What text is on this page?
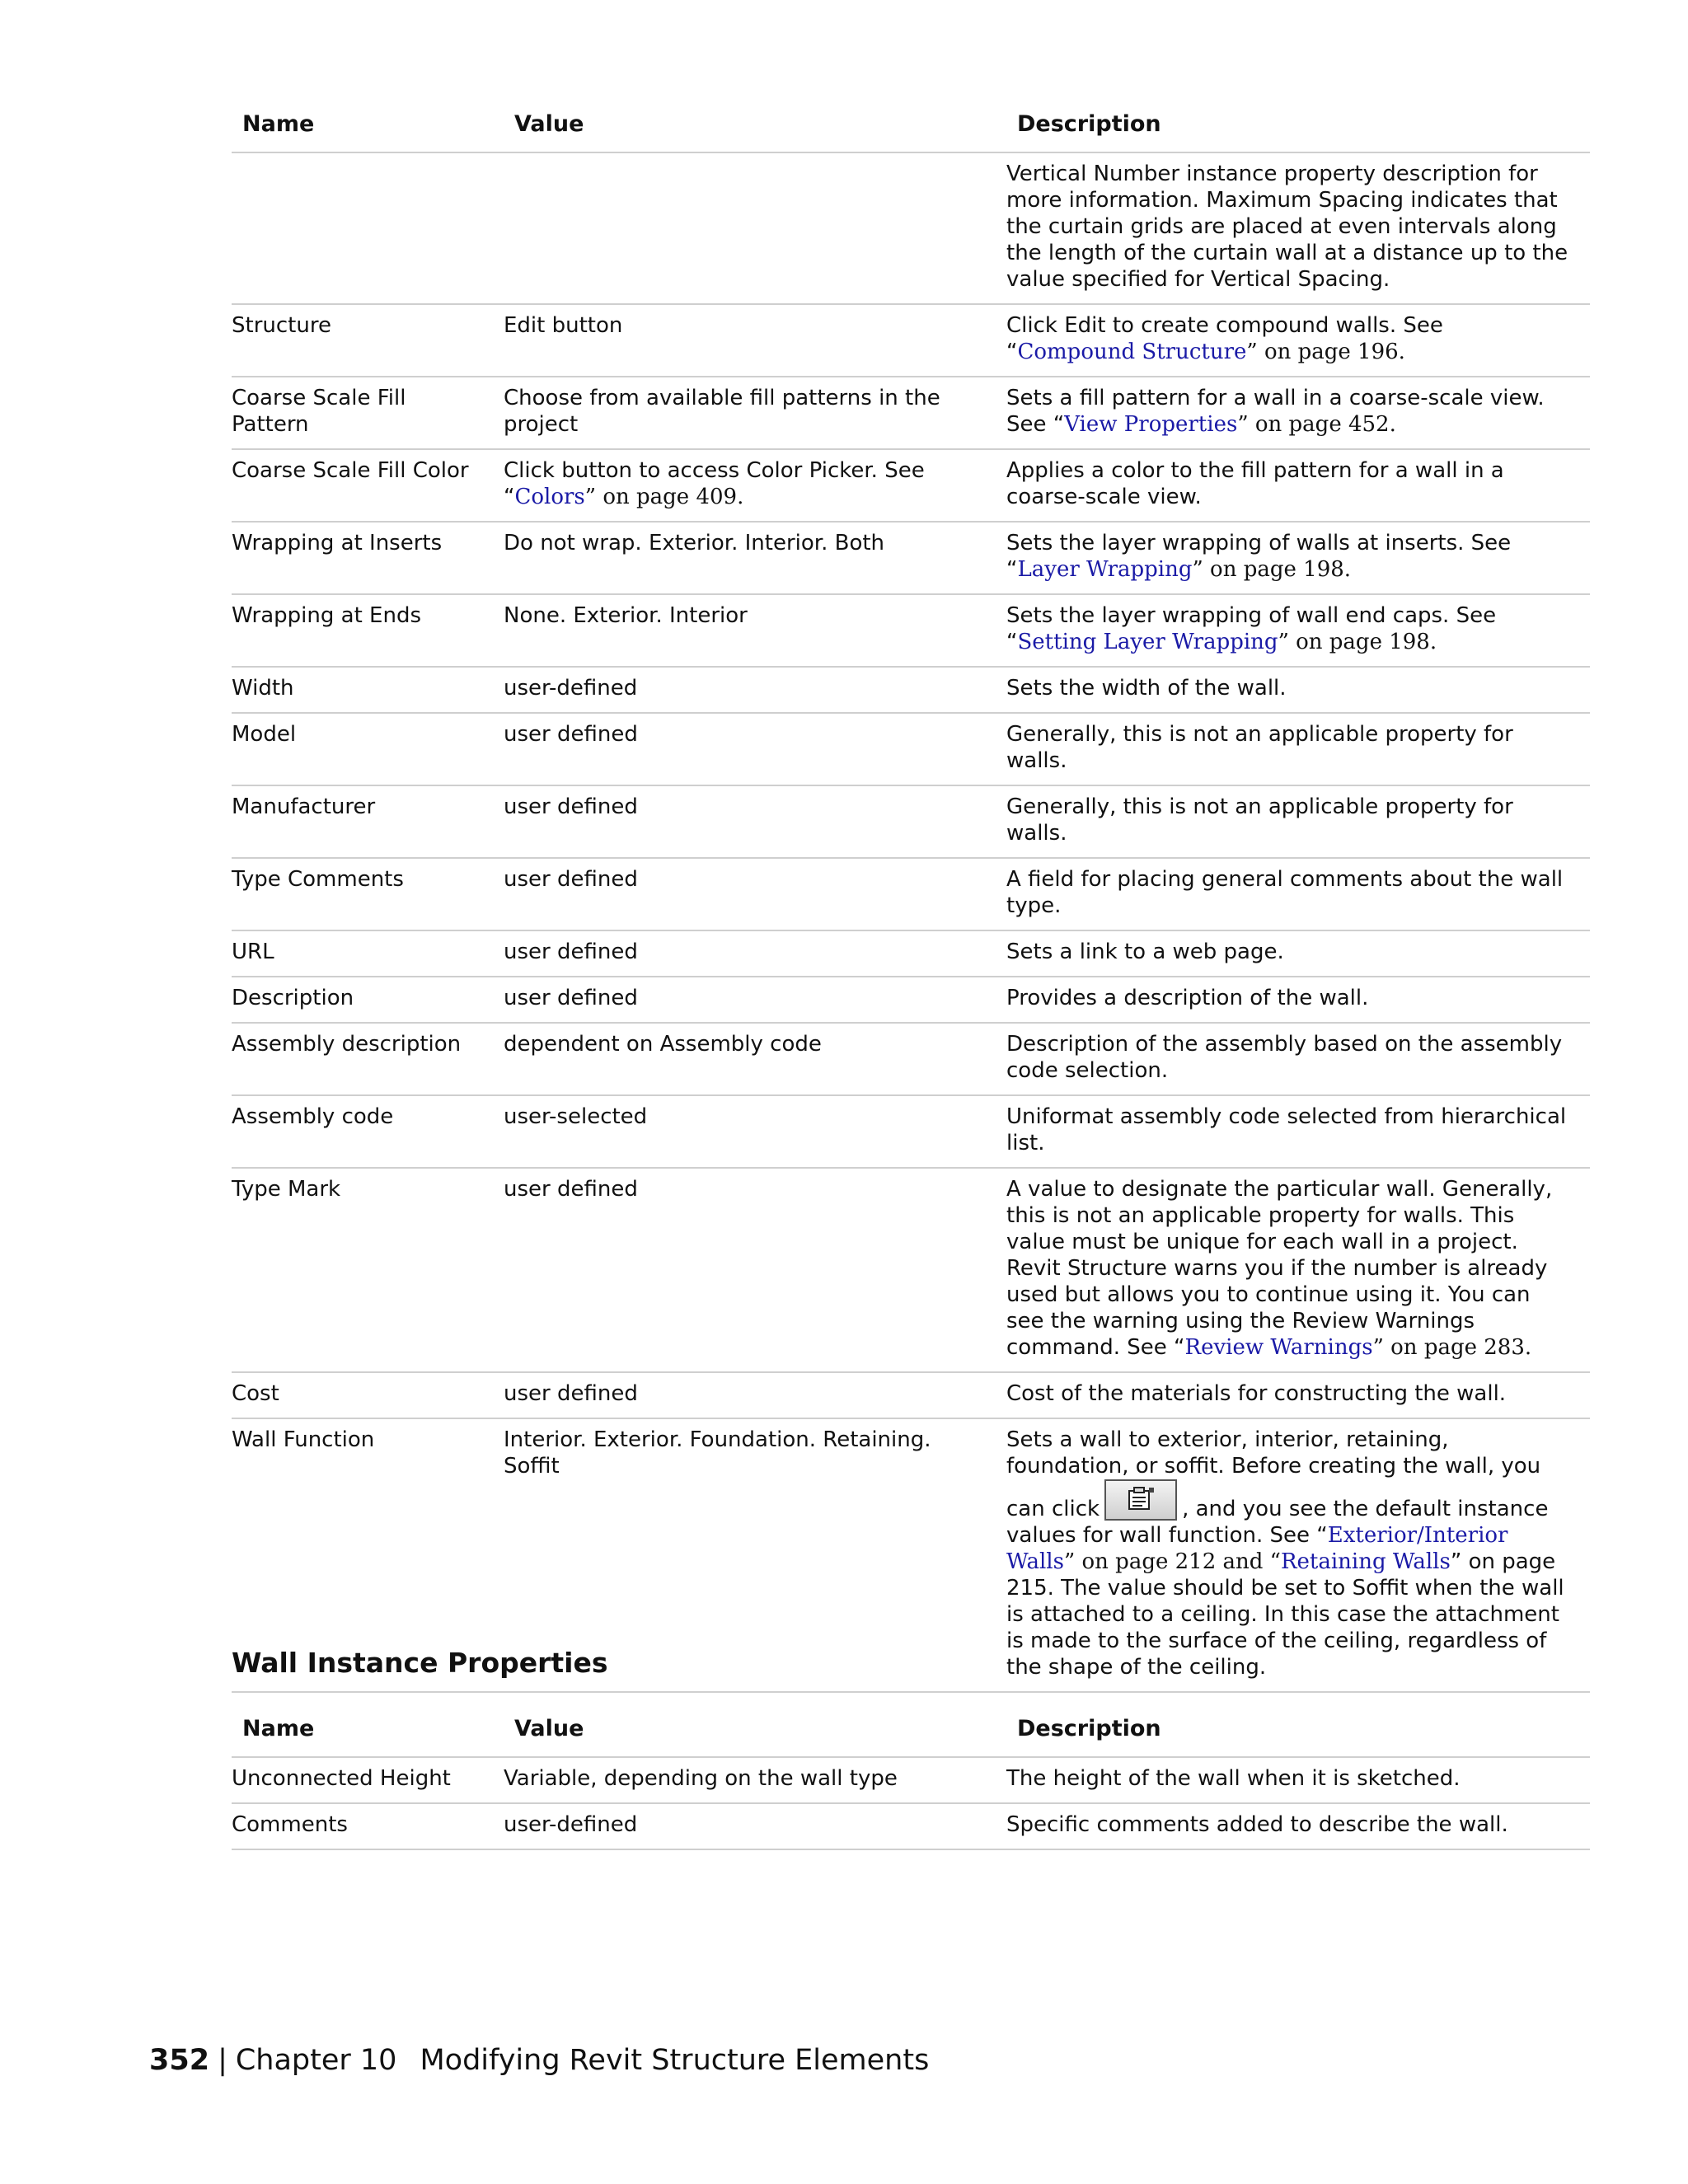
Name	Value	Description
		Vertical Number instance property description for more information. Maximum Spacing indicates that the curtain grids are placed at even intervals along the length of the curtain wall at a distance up to the value specified for Vertical Spacing.
Structure	Edit button	Click Edit to create compound walls. See “Compound Structure” on page 196.
Coarse Scale Fill Pattern	Choose from available fill patterns in the project	Sets a fill pattern for a wall in a coarse-scale view. See “View Properties” on page 452.
Coarse Scale Fill Color	Click button to access Color Picker. See “Colors” on page 409.	Applies a color to the fill pattern for a wall in a coarse-scale view.
Wrapping at Inserts	Do not wrap. Exterior. Interior. Both	Sets the layer wrapping of walls at inserts. See “Layer Wrapping” on page 198.
Wrapping at Ends	None. Exterior. Interior	Sets the layer wrapping of wall end caps. See “Setting Layer Wrapping” on page 198.
Width	user-defined	Sets the width of the wall.
Model	user defined	Generally, this is not an applicable property for walls.
Manufacturer	user defined	Generally, this is not an applicable property for walls.
Type Comments	user defined	A field for placing general comments about the wall type.
URL	user defined	Sets a link to a web page.
Description	user defined	Provides a description of the wall.
Assembly description	dependent on Assembly code	Description of the assembly based on the assembly code selection.
Assembly code	user-selected	Uniformat assembly code selected from hierarchical list.
Type Mark	user defined	A value to designate the particular wall. Generally, this is not an applicable property for walls. This value must be unique for each wall in a project. Revit Structure warns you if the number is already used but allows you to continue using it. You can see the warning using the Review Warnings command. See “Review Warnings” on page 283.
Cost	user defined	Cost of the materials for constructing the wall.
Wall Function	Interior. Exterior. Foundation. Retaining. Soffit	Sets a wall to exterior, interior, retaining, foundation, or soffit. Before creating the wall, you can click , and you see the default instance values for wall function. See “Exterior/Interior Walls” on page 212 and “Retaining Walls” on page 215. The value should be set to Soffit when the wall is attached to a ceiling. In this case the attachment is made to the surface of the ceiling, regardless of the shape of the ceiling.
Wall Instance Properties
Name	Value	Description
Unconnected Height	Variable, depending on the wall type	The height of the wall when it is sketched.
Comments	user-defined	Specific comments added to describe the wall.
352 | Chapter 10 Modifying Revit Structure Elements
